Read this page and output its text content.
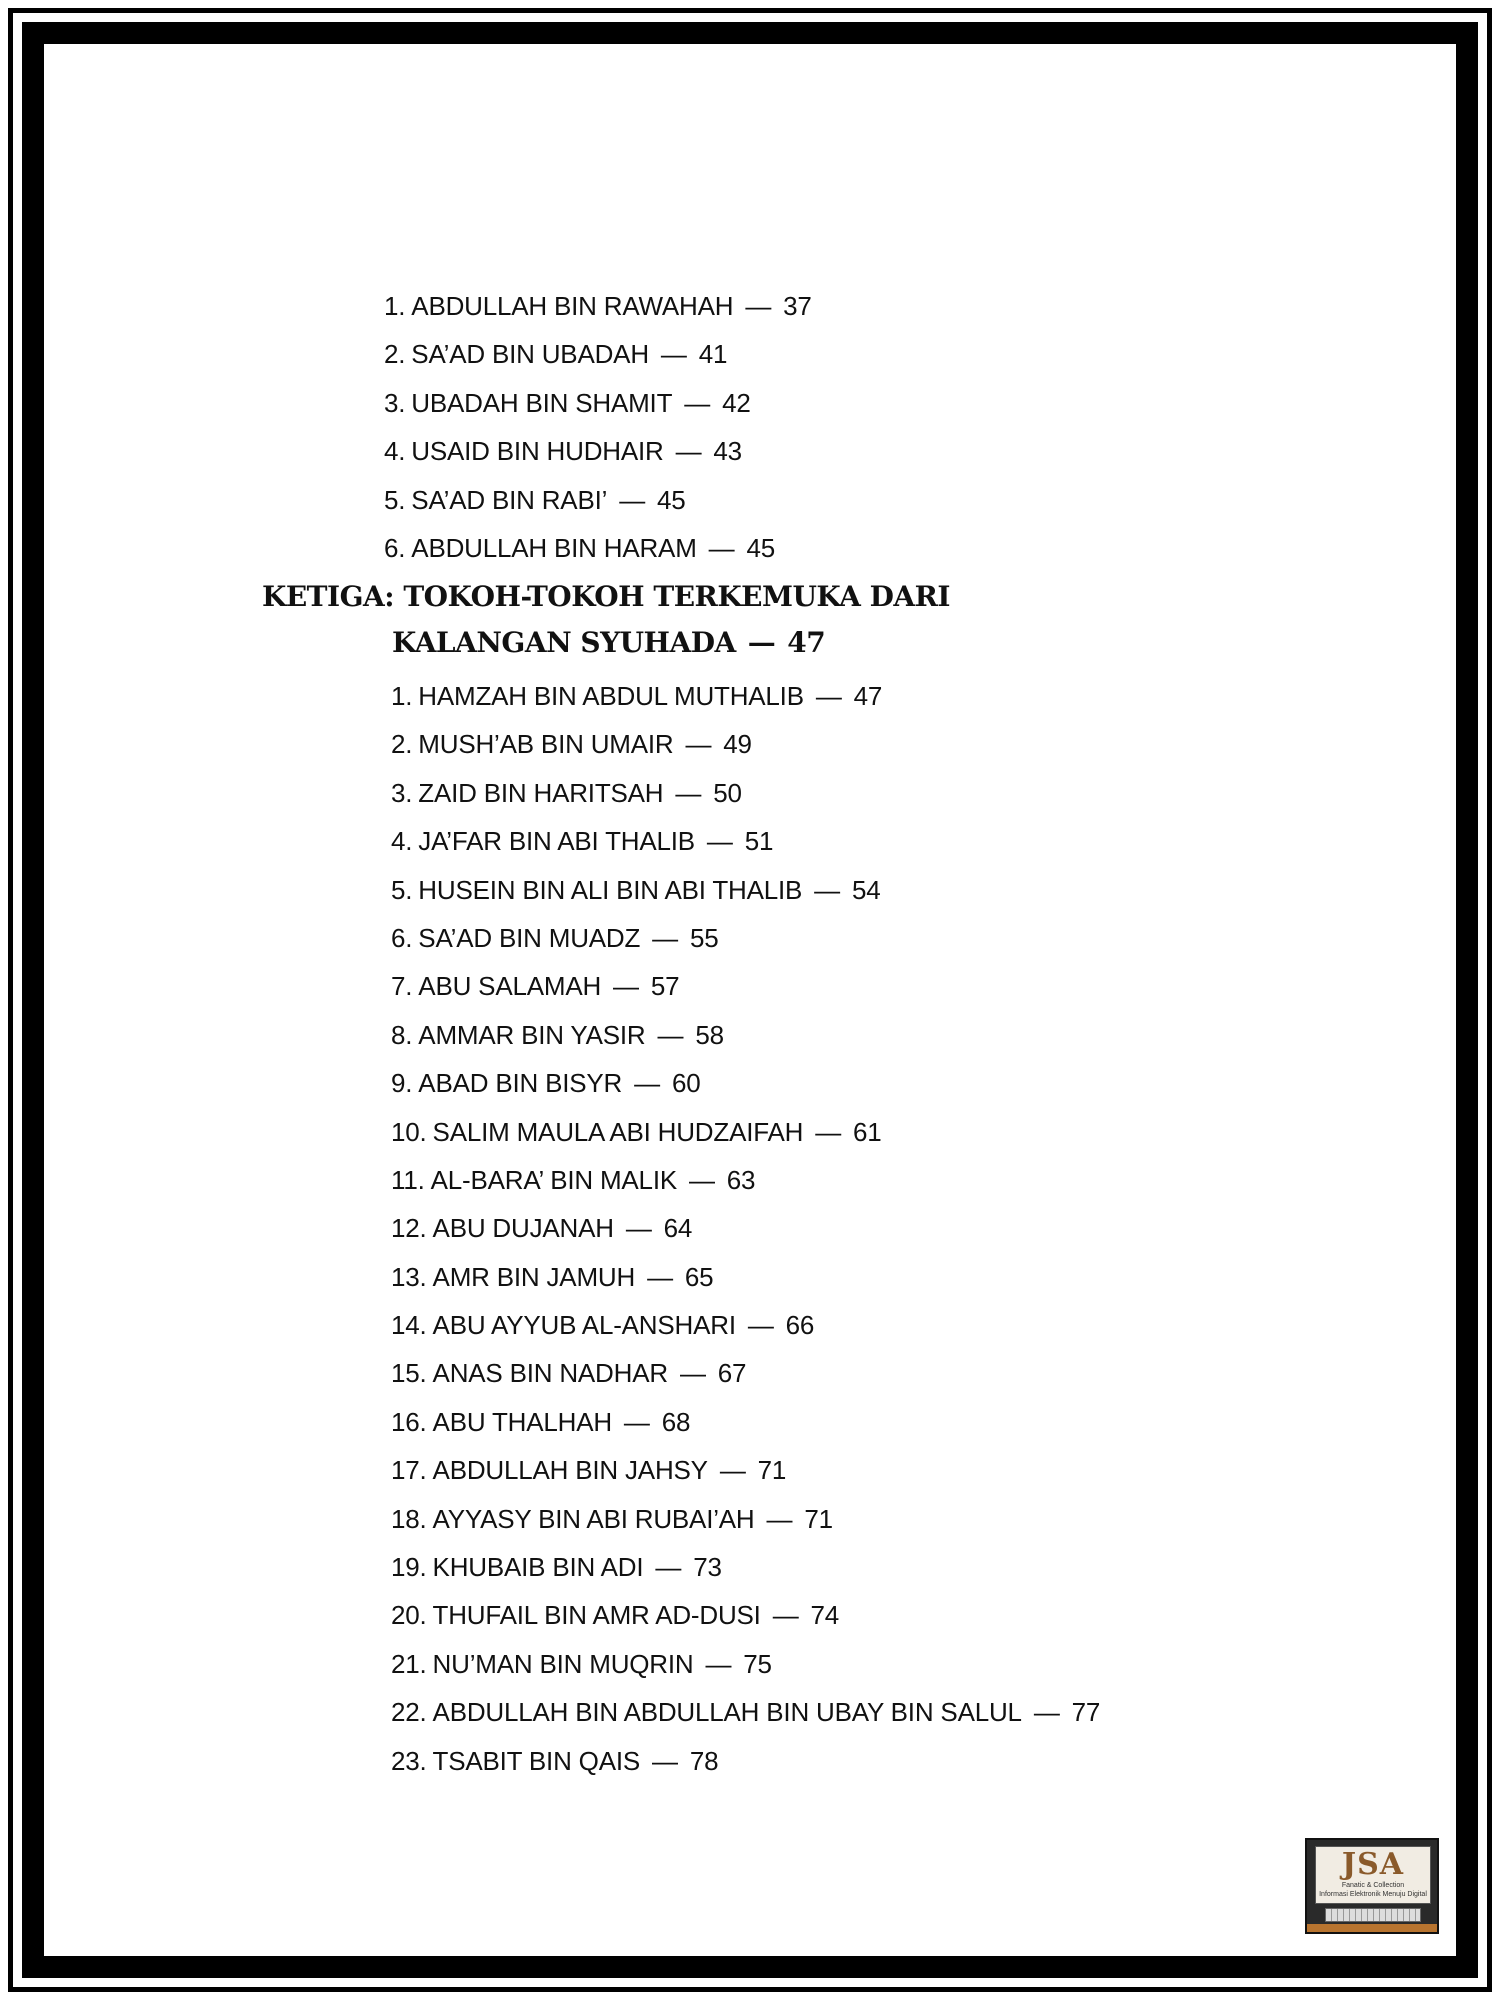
1. ABDULLAH BIN RAWAHAH — 37
2. SA’AD BIN UBADAH — 41
3. UBADAH BIN SHAMIT — 42
4. USAID BIN HUDHAIR — 43
5. SA’AD BIN RABI’ — 45
6. ABDULLAH BIN HARAM — 45
KETIGA: TOKOH-TOKOH TERKEMUKA DARI
KALANGAN SYUHADA — 47
1. HAMZAH BIN ABDUL MUTHALIB — 47
2. MUSH’AB BIN UMAIR — 49
3. ZAID BIN HARITSAH — 50
4. JA’FAR BIN ABI THALIB — 51
5. HUSEIN BIN ALI BIN ABI THALIB — 54
6. SA’AD BIN MUADZ — 55
7. ABU SALAMAH — 57
8. AMMAR BIN YASIR — 58
9. ABAD BIN BISYR — 60
10. SALIM MAULA ABI HUDZAIFAH — 61
11. AL-BARA’ BIN MALIK — 63
12. ABU DUJANAH — 64
13. AMR BIN JAMUH — 65
14. ABU AYYUB AL-ANSHARI — 66
15. ANAS BIN NADHAR — 67
16. ABU THALHAH — 68
17. ABDULLAH BIN JAHSY — 71
18. AYYASY BIN ABI RUBAI’AH — 71
19. KHUBAIB BIN ADI — 73
20. THUFAIL BIN AMR AD-DUSI — 74
21. NU’MAN BIN MUQRIN — 75
22. ABDULLAH BIN ABDULLAH BIN UBAY BIN SALUL — 77
23. TSABIT BIN QAIS — 78
JSA
Fanatic & Collection
Informasi Elektronik Menuju Digital
